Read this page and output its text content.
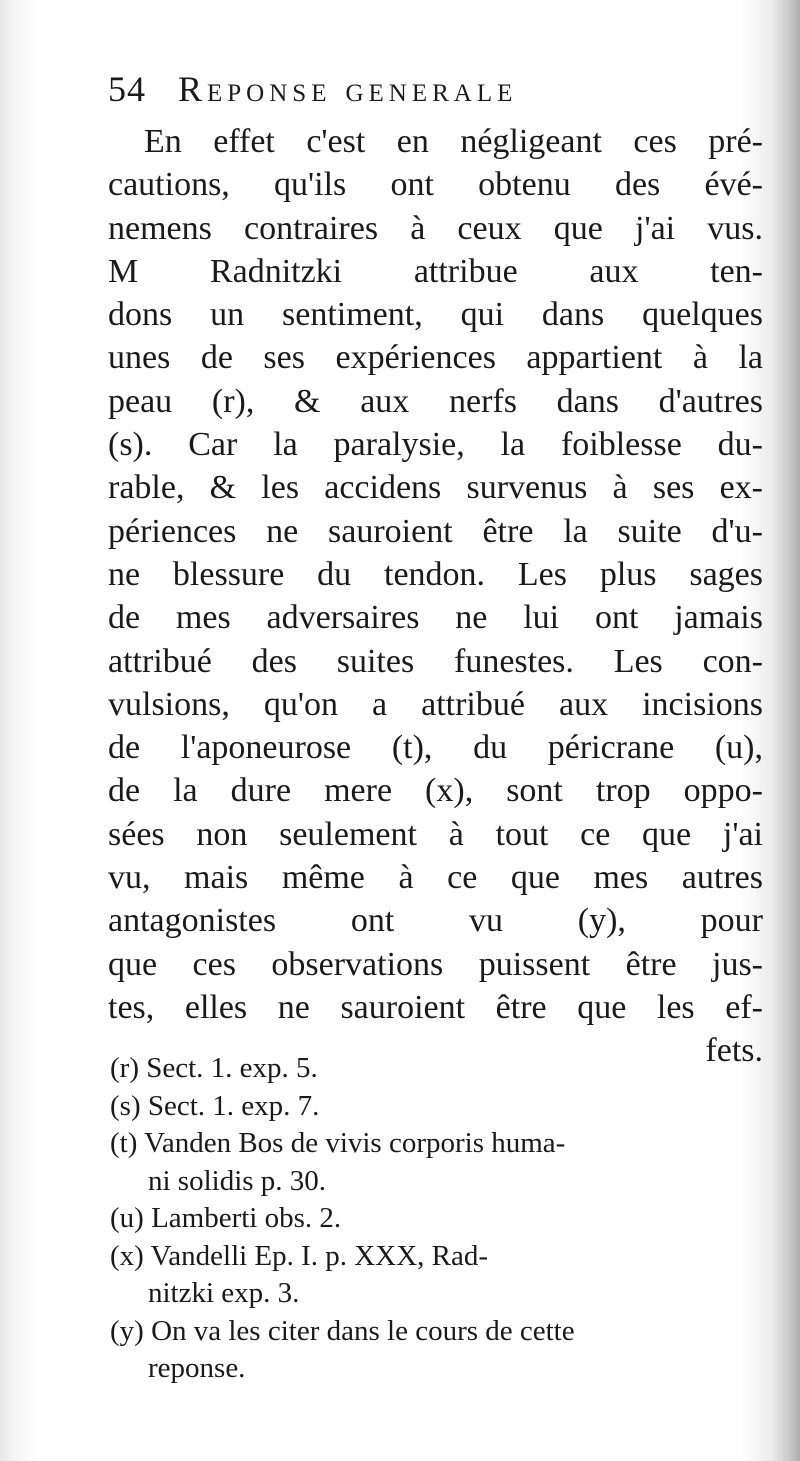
54 Reponse generale
En effet c'est en négligeant ces pré-
cautions, qu'ils ont obtenu des évé-
nemens contraires à ceux que j'ai vus.
M Radnitzki attribue aux ten-
dons un sentiment, qui dans quelques
unes de ses expériences appartient à la
peau (r), & aux nerfs dans d'autres
(s). Car la paralysie, la foiblesse du-
rable, & les accidens survenus à ses ex-
périences ne sauroient être la suite d'u-
ne blessure du tendon. Les plus sages
de mes adversaires ne lui ont jamais
attribué des suites funestes. Les con-
vulsions, qu'on a attribué aux incisions
de l'aponeurose (t), du péricrane (u),
de la dure mere (x), sont trop oppo-
sées non seulement à tout ce que j'ai
vu, mais même à ce que mes autres
antagonistes ont vu (y), pour
que ces observations puissent être jus-
tes, elles ne sauroient être que les ef-
fets.
(r) Sect. 1. exp. 5.
(s) Sect. 1. exp. 7.
(t) Vanden Bos de vivis corporis huma-
ni solidis p. 30.
(u) Lamberti obs. 2.
(x) Vandelli Ep. I. p. XXX, Rad-
nitzki exp. 3.
(y) On va les citer dans le cours de cette
reponse.
